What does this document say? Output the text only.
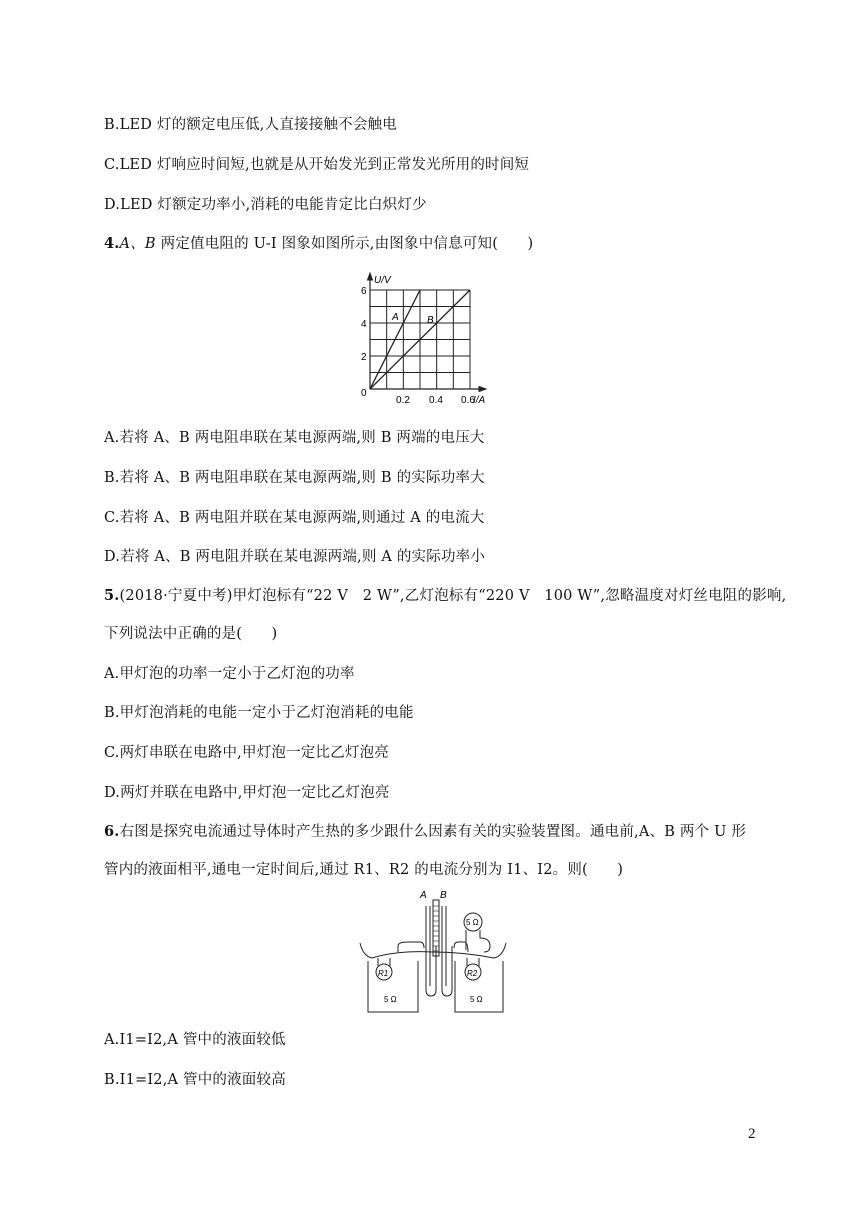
B.LED 灯的额定电压低,人直接接触不会触电
C.LED 灯响应时间短,也就是从开始发光到正常发光所用的时间短
D.LED 灯额定功率小,消耗的电能肯定比白炽灯少
4.A、B 两定值电阻的 U-I 图象如图所示,由图象中信息可知(　　)
U/V
I/A
0
2
4
6
0.2 0.4 0.6
A	B
A.若将 A、B 两电阻串联在某电源两端,则 B 两端的电压大
B.若将 A、B 两电阻串联在某电源两端,则 B 的实际功率大
C.若将 A、B 两电阻并联在某电源两端,则通过 A 的电流大
D.若将 A、B 两电阻并联在某电源两端,则 A 的实际功率小
5.(2018·宁夏中考)甲灯泡标有“22 V　2 W”,乙灯泡标有“220 V　100 W”,忽略温度对灯丝电阻的影响,
下列说法中正确的是(　　)
A.甲灯泡的功率一定小于乙灯泡的功率
B.甲灯泡消耗的电能一定小于乙灯泡消耗的电能
C.两灯串联在电路中,甲灯泡一定比乙灯泡亮
D.两灯并联在电路中,甲灯泡一定比乙灯泡亮
6.右图是探究电流通过导体时产生热的多少跟什么因素有关的实验装置图。通电前,A、B 两个 U 形
管内的液面相平,通电一定时间后,通过 R1、R2 的电流分别为 I1、I2。则(　　)
A B
R1	R2
5 Ω	5 Ω
5 Ω
A.I1=I2,A 管中的液面较低
B.I1=I2,A 管中的液面较高
2
